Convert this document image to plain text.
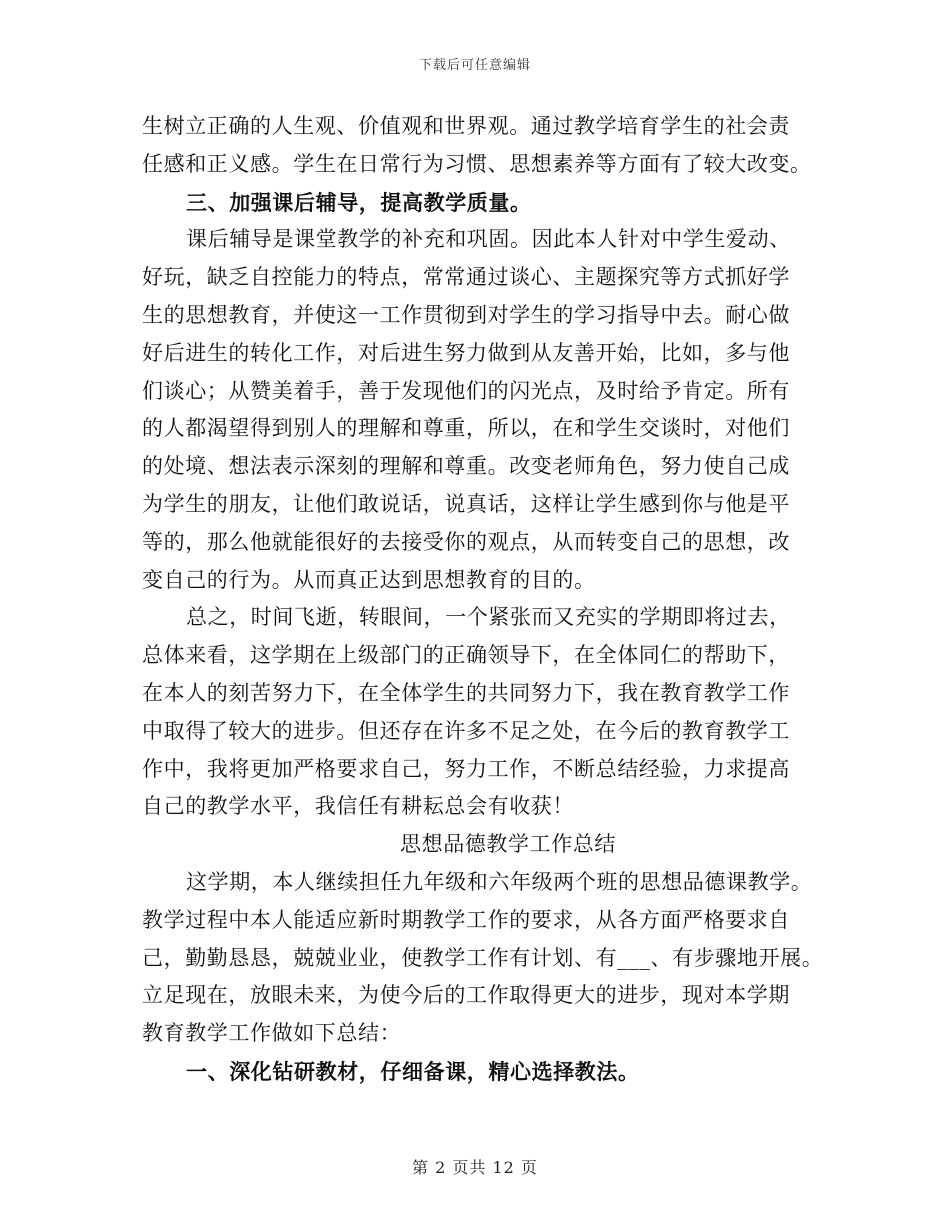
下载后可任意编辑
生树立正确的人生观、价值观和世界观。通过教学培育学生的社会责
任感和正义感。学生在日常行为习惯、思想素养等方面有了较大改变。
三、加强课后辅导，提高教学质量。
课后辅导是课堂教学的补充和巩固。因此本人针对中学生爱动、
好玩，缺乏自控能力的特点，常常通过谈心、主题探究等方式抓好学
生的思想教育，并使这一工作贯彻到对学生的学习指导中去。耐心做
好后进生的转化工作，对后进生努力做到从友善开始，比如，多与他
们谈心；从赞美着手，善于发现他们的闪光点，及时给予肯定。所有
的人都渴望得到别人的理解和尊重，所以，在和学生交谈时，对他们
的处境、想法表示深刻的理解和尊重。改变老师角色，努力使自己成
为学生的朋友，让他们敢说话，说真话，这样让学生感到你与他是平
等的，那么他就能很好的去接受你的观点，从而转变自己的思想，改
变自己的行为。从而真正达到思想教育的目的。
总之，时间飞逝，转眼间，一个紧张而又充实的学期即将过去，
总体来看，这学期在上级部门的正确领导下，在全体同仁的帮助下，
在本人的刻苦努力下，在全体学生的共同努力下，我在教育教学工作
中取得了较大的进步。但还存在许多不足之处，在今后的教育教学工
作中，我将更加严格要求自己，努力工作，不断总结经验，力求提高
自己的教学水平，我信任有耕耘总会有收获！
思想品德教学工作总结
这学期，本人继续担任九年级和六年级两个班的思想品德课教学。
教学过程中本人能适应新时期教学工作的要求，从各方面严格要求自
己，勤勤恳恳，兢兢业业，使教学工作有计划、有___、有步骤地开展。
立足现在，放眼未来，为使今后的工作取得更大的进步，现对本学期
教育教学工作做如下总结：
一、深化钻研教材，仔细备课，精心选择教法。
第 2 页共 12 页
